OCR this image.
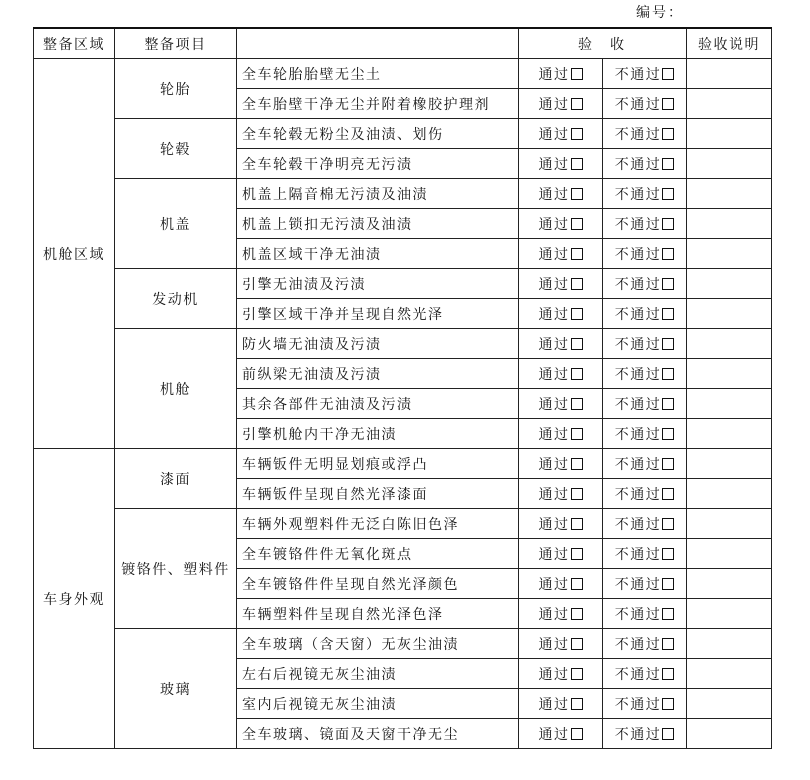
编号：
整备区域	整备项目		验  收		验收说明
机舱区域	轮胎	全车轮胎胎壁无尘土	通过	不通过	
		全车胎壁干净无尘并附着橡胶护理剂	通过	不通过	
	轮毂	全车轮毂无粉尘及油渍、划伤	通过	不通过	
		全车轮毂干净明亮无污渍	通过	不通过	
	机盖	机盖上隔音棉无污渍及油渍	通过	不通过	
		机盖上锁扣无污渍及油渍	通过	不通过	
		机盖区域干净无油渍	通过	不通过	
	发动机	引擎无油渍及污渍	通过	不通过	
		引擎区域干净并呈现自然光泽	通过	不通过	
	机舱	防火墙无油渍及污渍	通过	不通过	
		前纵梁无油渍及污渍	通过	不通过	
		其余各部件无油渍及污渍	通过	不通过	
		引擎机舱内干净无油渍	通过	不通过	
车身外观	漆面	车辆钣件无明显划痕或浮凸	通过	不通过	
		车辆钣件呈现自然光泽漆面	通过	不通过	
	镀铬件、塑料件	车辆外观塑料件无泛白陈旧色泽	通过	不通过	
		全车镀铬件件无氧化斑点	通过	不通过	
		全车镀铬件件呈现自然光泽颜色	通过	不通过	
		车辆塑料件呈现自然光泽色泽	通过	不通过	
	玻璃	全车玻璃（含天窗）无灰尘油渍	通过	不通过	
		左右后视镜无灰尘油渍	通过	不通过	
		室内后视镜无灰尘油渍	通过	不通过	
		全车玻璃、镜面及天窗干净无尘	通过	不通过	
